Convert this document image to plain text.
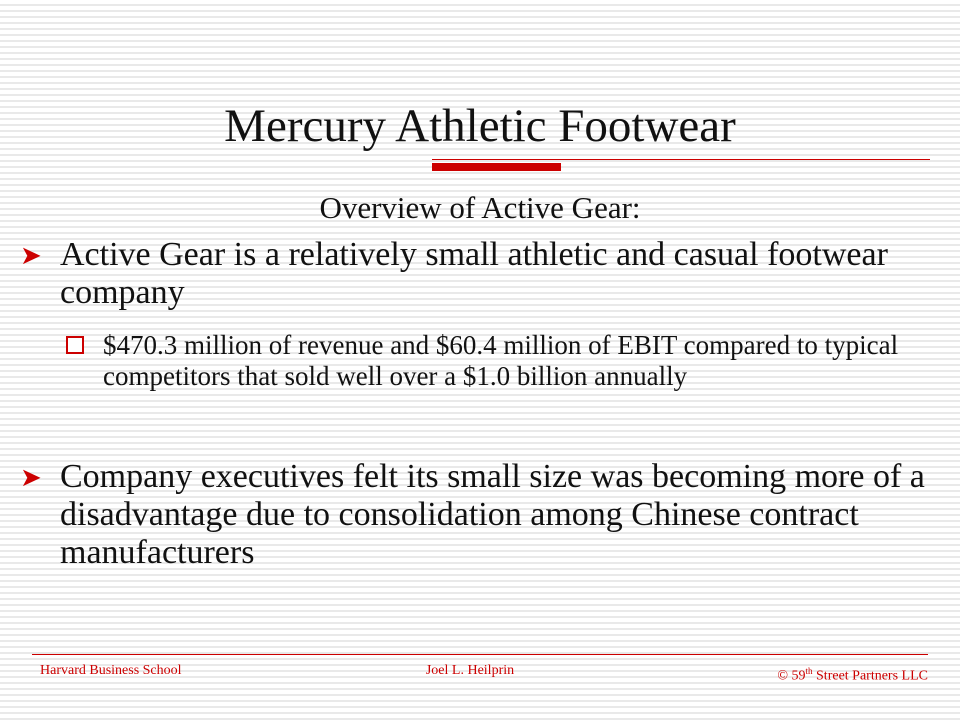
Mercury Athletic Footwear
Overview of Active Gear:
➤ Active Gear is a relatively small athletic and casual footwear company
$470.3 million of revenue and $60.4 million of EBIT compared to typical competitors that sold well over a $1.0 billion annually
➤ Company executives felt its small size was becoming more of a disadvantage due to consolidation among Chinese contract manufacturers
Harvard Business School	Joel L. Heilprin	© 59th Street Partners LLC
